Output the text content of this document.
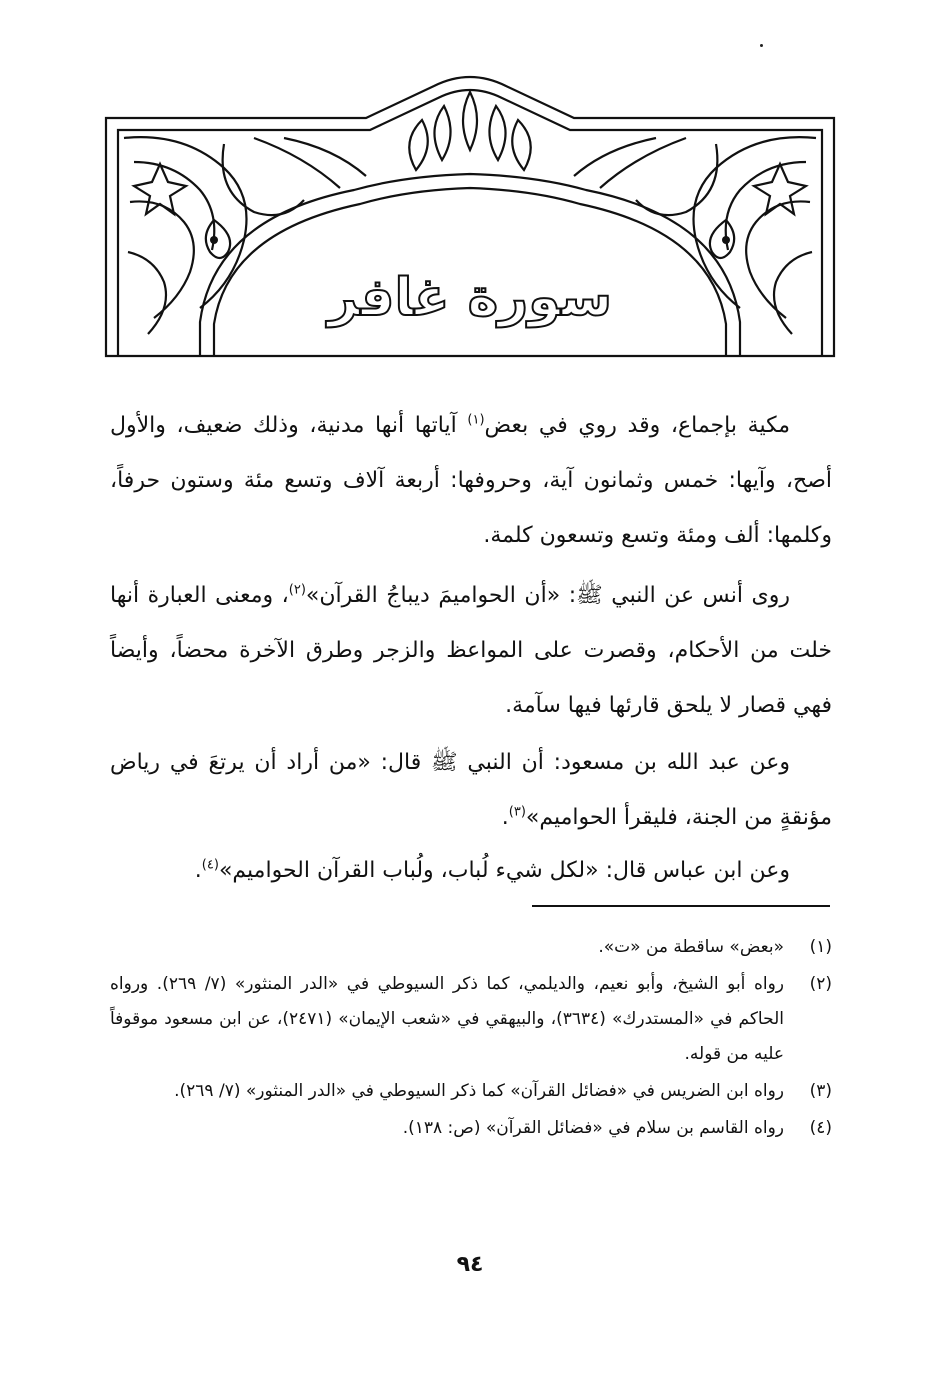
سورة غافر

مكية بإجماع، وقد روي في بعض$^{(١)}$ آياتها أنها مدنية، وذلك ضعيف، والأول أصح، وآيها: خمس وثمانون آية، وحروفها: أربعة آلاف وتسع مئة وستون حرفاً، وكلمها: ألف ومئة وتسع وتسعون كلمة.

روى أنس عن النبي ﷺ: «أن الحواميمَ ديباجُ القرآن»$^{(٢)}$، ومعنى العبارة أنها خلت من الأحكام، وقصرت على المواعظ والزجر وطرق الآخرة محضاً، وأيضاً فهي قصار لا يلحق قارئها فيها سآمة.

وعن عبد الله بن مسعود: أن النبي ﷺ قال: «من أراد أن يرتعَ في رياض مؤنقةٍ من الجنة، فليقرأ الحواميم»$^{(٣)}$.

وعن ابن عباس قال: «لكل شيء لُباب، ولُباب القرآن الحواميم»$^{(٤)}$.

(١)
«بعض» ساقطة من «ت».
(٢)
رواه أبو الشيخ، وأبو نعيم، والديلمي، كما ذكر السيوطي في «الدر المنثور» (٧/ ٢٦٩). ورواه الحاكم في «المستدرك» (٣٦٣٤)، والبيهقي في «شعب الإيمان» (٢٤٧١)، عن ابن مسعود موقوفاً عليه من قوله.
(٣)
رواه ابن الضريس في «فضائل القرآن» كما ذكر السيوطي في «الدر المنثور» (٧/ ٢٦٩).
(٤)
رواه القاسم بن سلام في «فضائل القرآن» (ص: ١٣٨).
٩٤
